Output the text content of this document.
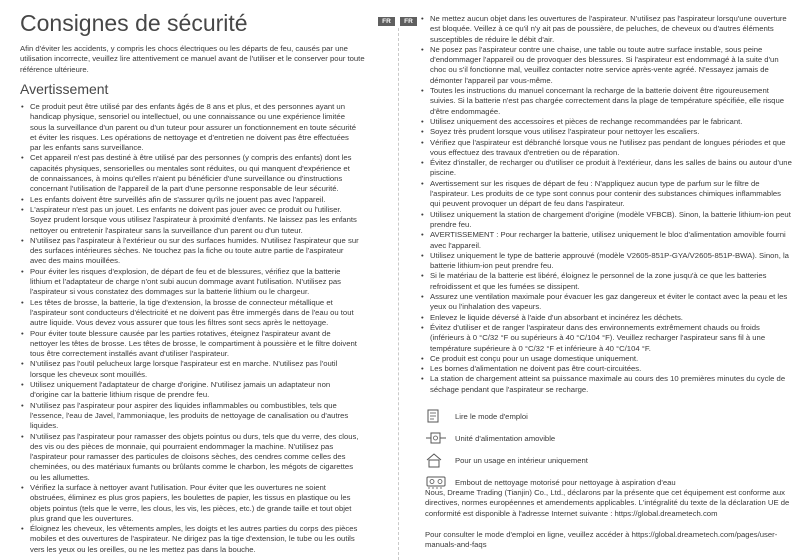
Consignes de sécurité	FR	FR

Afin d'éviter les accidents, y compris les chocs électriques ou les départs de feu, causés par une utilisation incorrecte, veuillez lire attentivement ce manuel avant de l'utiliser et le conserver pour toute référence ultérieure.

Avertissement
• Ce produit peut être utilisé par des enfants âgés de 8 ans et plus, et des personnes ayant un handicap physique, sensoriel ou intellectuel, ou une connaissance ou une expérience limitée sous la surveillance d'un parent ou d'un tuteur pour assurer un fonctionnement en toute sécurité et éviter les risques. Les opérations de nettoyage et d'entretien ne doivent pas être effectuées par les enfants sans surveillance.
• Cet appareil n'est pas destiné à être utilisé par des personnes (y compris des enfants) dont les capacités physiques, sensorielles ou mentales sont réduites, ou qui manquent d'expérience et de connaissances, à moins qu'elles n'aient pu bénéficier d'une surveillance ou d'instructions concernant l'utilisation de l'appareil de la part d'une personne responsable de leur sécurité.
• Les enfants doivent être surveillés afin de s'assurer qu'ils ne jouent pas avec l'appareil.
• L'aspirateur n'est pas un jouet. Les enfants ne doivent pas jouer avec ce produit ou l'utiliser. Soyez prudent lorsque vous utilisez l'aspirateur à proximité d'enfants. Ne laissez pas les enfants nettoyer ou entretenir l'aspirateur sans la surveillance d'un parent ou d'un tuteur.
• N'utilisez pas l'aspirateur à l'extérieur ou sur des surfaces humides. N'utilisez l'aspirateur que sur des surfaces intérieures sèches. Ne touchez pas la fiche ou toute autre partie de l'aspirateur avec des mains mouillées.
• Pour éviter les risques d'explosion, de départ de feu et de blessures, vérifiez que la batterie lithium et l'adaptateur de charge n'ont subi aucun dommage avant l'utilisation. N'utilisez pas l'aspirateur si vous constatez des dommages sur la batterie lithium ou le chargeur.
• Les têtes de brosse, la batterie, la tige d'extension, la brosse de connecteur métallique et l'aspirateur sont conducteurs d'électricité et ne doivent pas être immergés dans de l'eau ou tout autre liquide. Vous devez vous assurer que tous les filtres sont secs après le nettoyage.
• Pour éviter toute blessure causée par les parties rotatives, éteignez l'aspirateur avant de nettoyer les têtes de brosse. Les têtes de brosse, le compartiment à poussière et le filtre doivent tous être correctement installés avant d'utiliser l'aspirateur.
• N'utilisez pas l'outil pelucheux large lorsque l'aspirateur est en marche. N'utilisez pas l'outil lorsque les cheveux sont mouillés.
• Utilisez uniquement l'adaptateur de charge d'origine. N'utilisez jamais un adaptateur non d'origine car la batterie lithium risque de prendre feu.
• N'utilisez pas l'aspirateur pour aspirer des liquides inflammables ou combustibles, tels que l'essence, l'eau de Javel, l'ammoniaque, les produits de nettoyage de canalisation ou d'autres liquides.
• N'utilisez pas l'aspirateur pour ramasser des objets pointus ou durs, tels que du verre, des clous, des vis ou des pièces de monnaie, qui pourraient endommager la machine. N'utilisez pas l'aspirateur pour ramasser des particules de cloisons sèches, des cendres comme celles des cheminées, ou des matériaux fumants ou brûlants comme le charbon, les mégots de cigarettes ou les allumettes.
• Vérifiez la surface à nettoyer avant l'utilisation. Pour éviter que les ouvertures ne soient obstruées, éliminez es plus gros papiers, les boulettes de papier, les tissus en plastique ou les objets pointus (tels que le verre, les clous, les vis, les pièces, etc.) de grande taille et tout objet plus grand que les ouvertures.
• Éloignez les cheveux, les vêtements amples, les doigts et les autres parties du corps des pièces mobiles et des ouvertures de l'aspirateur. Ne dirigez pas la tige d'extension, le tube ou les outils vers les yeux ou les oreilles, ou ne les mettez pas dans la bouche.
• Ne mettez aucun objet dans les ouvertures de l'aspirateur. N'utilisez pas l'aspirateur lorsqu'une ouverture est bloquée. Veillez à ce qu'il n'y ait pas de poussière, de peluches, de cheveux ou d'autres éléments susceptibles de réduire le débit d'air.
• Ne posez pas l'aspirateur contre une chaise, une table ou toute autre surface instable, sous peine d'endommager l'appareil ou de provoquer des blessures. Si l'aspirateur est endommagé à la suite d'un choc ou s'il fonctionne mal, veuillez contacter notre service après-vente agréé. N'essayez jamais de démonter l'appareil par vous-même.
• Toutes les instructions du manuel concernant la recharge de la batterie doivent être rigoureusement suivies. Si la batterie n'est pas chargée correctement dans la plage de température spécifiée, elle risque d'être endommagée.
• Utilisez uniquement des accessoires et pièces de rechange recommandées par le fabricant.
• Soyez très prudent lorsque vous utilisez l'aspirateur pour nettoyer les escaliers.
• Vérifiez que l'aspirateur est débranché lorsque vous ne l'utilisez pas pendant de longues périodes et que vous effectuez des travaux d'entretien ou de réparation.
• Évitez d'installer, de recharger ou d'utiliser ce produit à l'extérieur, dans les salles de bains ou autour d'une piscine.
• Avertissement sur les risques de départ de feu : N'appliquez aucun type de parfum sur le filtre de l'aspirateur. Les produits de ce type sont connus pour contenir des substances chimiques inflammables qui peuvent provoquer un départ de feu dans l'aspirateur.
• Utilisez uniquement la station de chargement d'origine (modèle VFBCB). Sinon, la batterie lithium-ion peut prendre feu.
• AVERTISSEMENT : Pour recharger la batterie, utilisez uniquement le bloc d'alimentation amovible fourni avec l'appareil.
• Utilisez uniquement le type de batterie approuvé (modèle V2605-851P-GYA/V2605-851P-BWA). Sinon, la batterie lithium-ion peut prendre feu.
• Si le matériau de la batterie est libéré, éloignez le personnel de la zone jusqu'à ce que les batteries refroidissent et que les fumées se dissipent.
• Assurez une ventilation maximale pour évacuer les gaz dangereux et éviter le contact avec la peau et les yeux ou l'inhalation des vapeurs.
• Enlevez le liquide déversé à l'aide d'un absorbant et incinérez les déchets.
• Évitez d'utiliser et de ranger l'aspirateur dans des environnements extrêmement chauds ou froids (inférieurs à 0 °C/32 °F ou supérieurs à 40 °C/104 °F). Veuillez recharger l'aspirateur sans fil à une température supérieure à 0 °C/32 °F et inférieure à 40 °C/104 °F.
• Ce produit est conçu pour un usage domestique uniquement.
• Les bornes d'alimentation ne doivent pas être court-circuitées.
• La station de chargement atteint sa puissance maximale au cours des 10 premières minutes du cycle de séchage pendant que l'aspirateur se recharge.
Lire le mode d'emploi
Unité d'alimentation amovible
Pour un usage en intérieur uniquement
Embout de nettoyage motorisé pour nettoyage à aspiration d'eau

Nous, Dreame Trading (Tianjin) Co., Ltd., déclarons par la présente que cet équipement est conforme aux directives, normes européennes et amendements applicables. L'intégralité du texte de la déclaration UE de conformité est disponible à l'adresse Internet suivante : https://global.dreametech.com

Pour consulter le mode d'emploi en ligne, veuillez accéder à https://global.dreametech.com/pages/user-manuals-and-faqs
